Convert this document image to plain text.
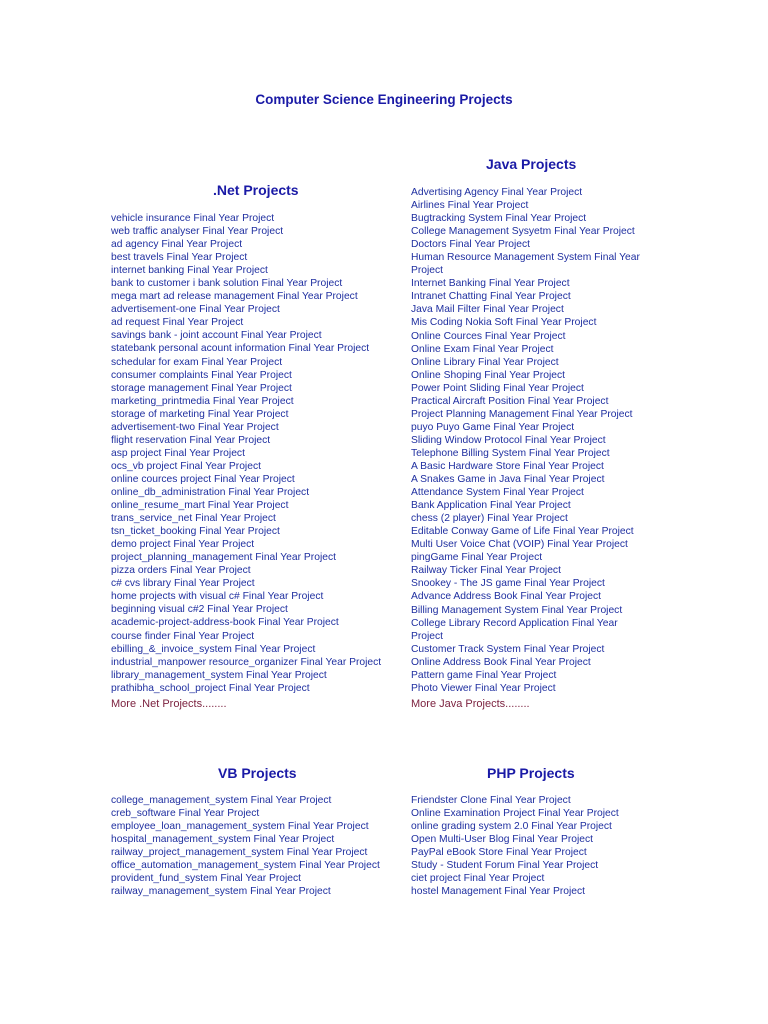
Computer Science Engineering Projects
.Net Projects
vehicle insurance Final Year Project
web traffic analyser Final Year Project
ad agency Final Year Project
best travels Final Year Project
internet banking Final Year Project
bank to customer i bank solution Final Year Project
mega mart ad release management Final Year Project
advertisement-one Final Year Project
ad request Final Year Project
savings bank - joint account Final Year Project
statebank personal acount information Final Year Project
schedular for exam Final Year Project
consumer complaints Final Year Project
storage management Final Year Project
marketing_printmedia Final Year Project
storage of marketing Final Year Project
advertisement-two Final Year Project
flight reservation Final Year Project
asp project Final Year Project
ocs_vb project Final Year Project
online cources project Final Year Project
online_db_administration Final Year Project
online_resume_mart Final Year Project
trans_service_net Final Year Project
tsn_ticket_booking Final Year Project
demo project Final Year Project
project_planning_management Final Year Project
pizza orders Final Year Project
c# cvs library Final Year Project
home projects with visual c# Final Year Project
beginning visual c#2 Final Year Project
academic-project-address-book Final Year Project
course finder Final Year Project
ebilling_&_invoice_system Final Year Project
industrial_manpower resource_organizer Final Year Project
library_management_system Final Year Project
prathibha_school_project Final Year Project
More .Net Projects........
Java Projects
Advertising Agency Final Year Project
Airlines Final Year Project
Bugtracking System Final Year Project
College Management Sysyetm Final Year Project
Doctors Final Year Project
Human Resource Management System Final Year Project
Internet Banking Final Year Project
Intranet Chatting Final Year Project
Java Mail Filter Final Year Project
Mis Coding Nokia Soft Final Year Project
Online Cources Final Year Project
Online Exam Final Year Project
Online Library Final Year Project
Online Shoping Final Year Project
Power Point Sliding Final Year Project
Practical Aircraft Position Final Year Project
Project Planning Management Final Year Project
puyo Puyo Game Final Year Project
Sliding Window Protocol Final Year Project
Telephone Billing System Final Year Project
A Basic Hardware Store Final Year Project
A Snakes Game in Java Final Year Project
Attendance System Final Year Project
Bank Application Final Year Project
chess (2 player) Final Year Project
Editable Conway Game of Life Final Year Project
Multi User Voice Chat (VOIP) Final Year Project
pingGame Final Year Project
Railway Ticker Final Year Project
Snookey - The JS game Final Year Project
Advance Address Book Final Year Project
Billing Management System Final Year Project
College Library Record Application Final Year Project
Customer Track System Final Year Project
Online Address Book Final Year Project
Pattern game Final Year Project
Photo Viewer Final Year Project
More Java Projects........
VB Projects
college_management_system Final Year Project
creb_software Final Year Project
employee_loan_management_system Final Year Project
hospital_management_system Final Year Project
railway_project_management_system Final Year Project
office_automation_management_system Final Year Project
provident_fund_system Final Year Project
railway_management_system Final Year Project
PHP Projects
Friendster Clone Final Year Project
Online Examination Project Final Year Project
online grading system 2.0 Final Year Project
Open Multi-User Blog Final Year Project
PayPal eBook Store Final Year Project
Study - Student Forum Final Year Project
ciet project Final Year Project
hostel Management Final Year Project
